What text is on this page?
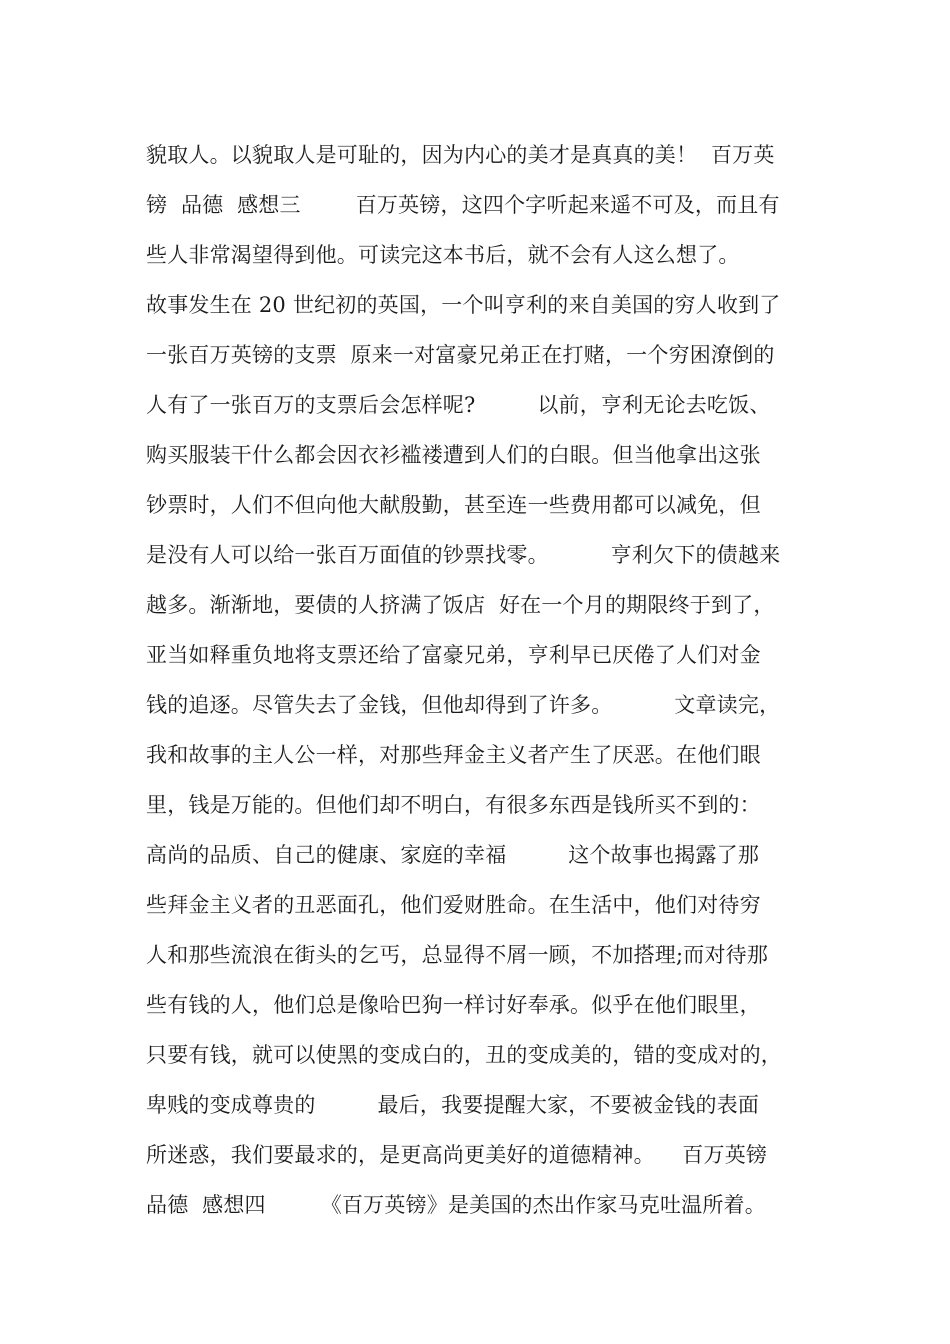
貌取人。以貌取人是可耻的，因为内心的美才是真真的美！  百万英
镑  品德  感想三        百万英镑，这四个字听起来遥不可及，而且有
些人非常渴望得到他。可读完这本书后，就不会有人这么想了。
故事发生在 20 世纪初的英国，一个叫亨利的来自美国的穷人收到了
一张百万英镑的支票  原来一对富豪兄弟正在打赌，一个穷困潦倒的
人有了一张百万的支票后会怎样呢?         以前，亨利无论去吃饭、
购买服装干什么都会因衣衫褴褛遭到人们的白眼。但当他拿出这张
钞票时，人们不但向他大献殷勤，甚至连一些费用都可以减免，但
是没有人可以给一张百万面值的钞票找零。         亨利欠下的债越来
越多。渐渐地，要债的人挤满了饭店  好在一个月的期限终于到了，
亚当如释重负地将支票还给了富豪兄弟，亨利早已厌倦了人们对金
钱的追逐。尽管失去了金钱，但他却得到了许多。         文章读完，
我和故事的主人公一样，对那些拜金主义者产生了厌恶。在他们眼
里，钱是万能的。但他们却不明白，有很多东西是钱所买不到的：
高尚的品质、自己的健康、家庭的幸福         这个故事也揭露了那
些拜金主义者的丑恶面孔，他们爱财胜命。在生活中，他们对待穷
人和那些流浪在街头的乞丐，总显得不屑一顾，不加搭理;而对待那
些有钱的人，他们总是像哈巴狗一样讨好奉承。似乎在他们眼里，
只要有钱，就可以使黑的变成白的，丑的变成美的，错的变成对的，
卑贱的变成尊贵的         最后，我要提醒大家，不要被金钱的表面
所迷惑，我们要最求的，是更高尚更美好的道德精神。    百万英镑
品德  感想四        《百万英镑》是美国的杰出作家马克吐温所着。
